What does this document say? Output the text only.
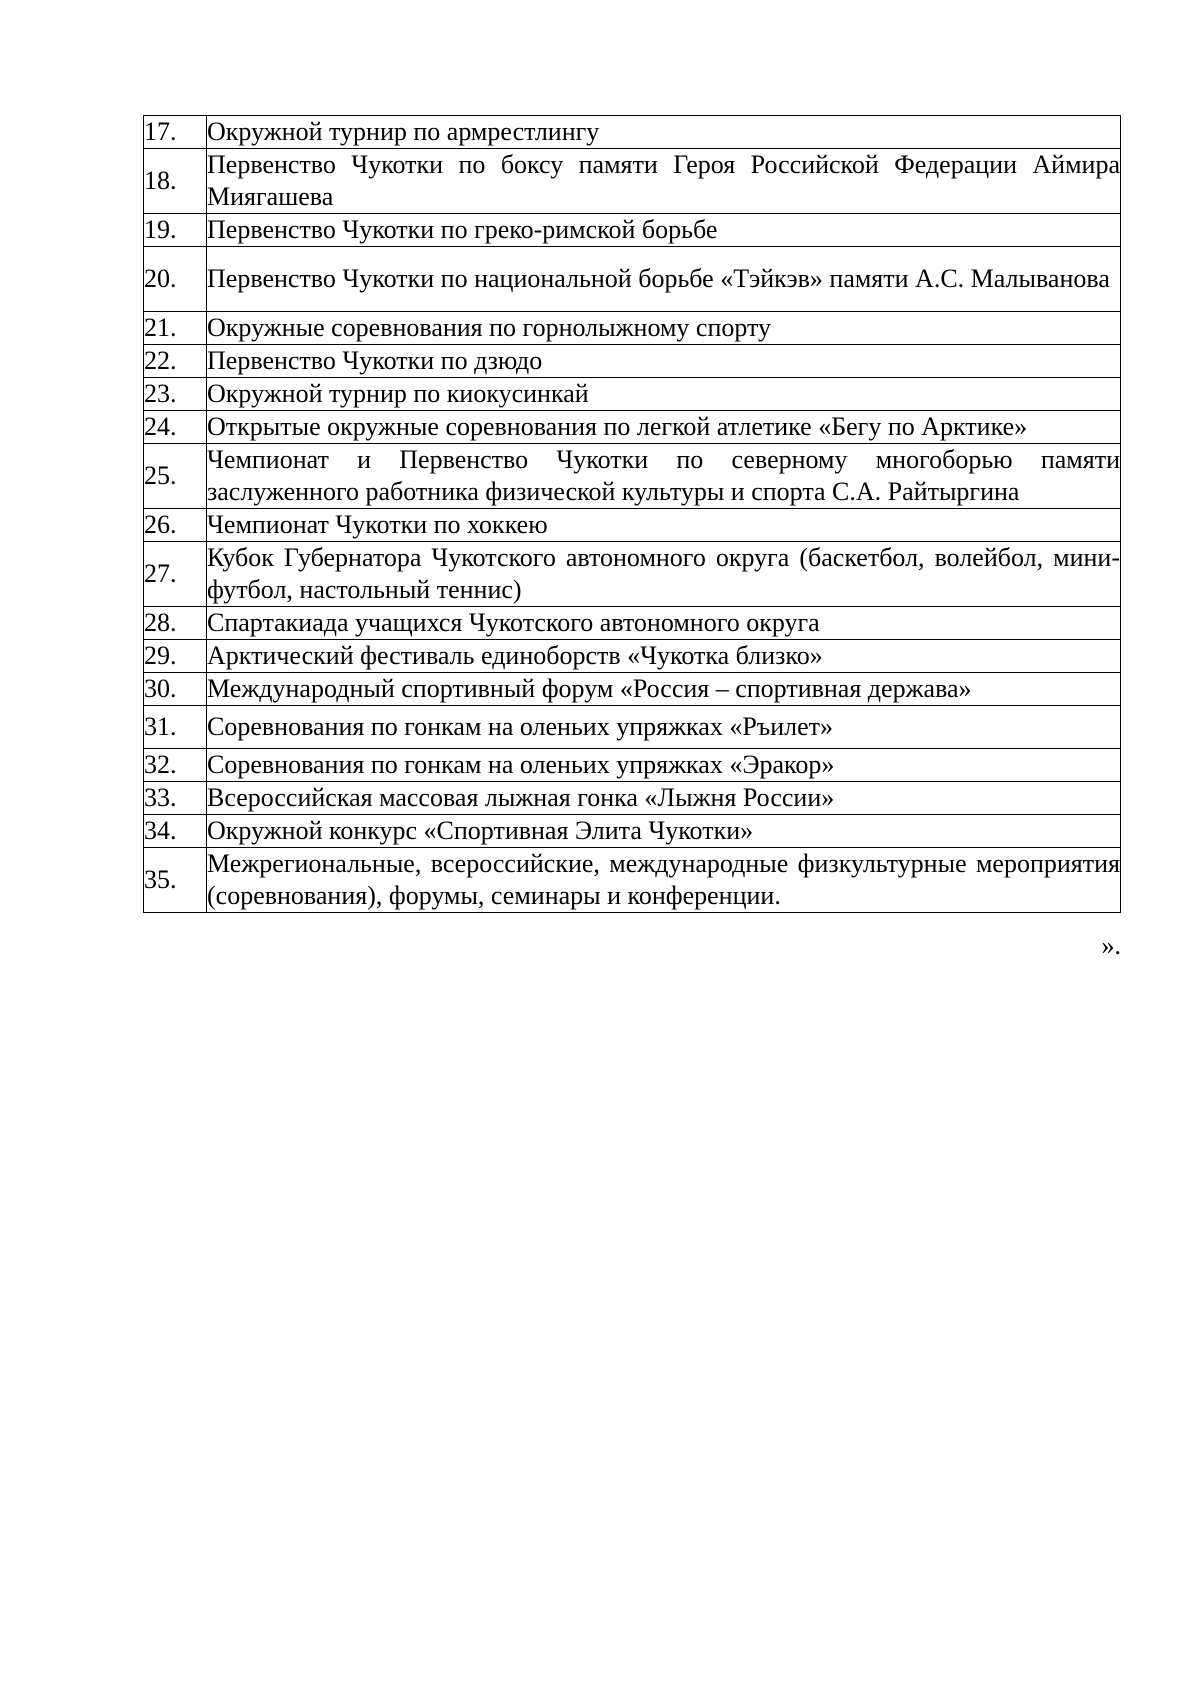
17.	Окружной турнир по армрестлингу
18.	Первенство Чукотки по боксу памяти Героя Российской Федерации Аймира Миягашева
19.	Первенство Чукотки по греко-римской борьбе
20.	Первенство Чукотки по национальной борьбе «Тэйкэв» памяти А.С. Малыванова
21.	Окружные соревнования по горнолыжному спорту
22.	Первенство Чукотки по дзюдо
23.	Окружной турнир по киокусинкай
24.	Открытые окружные соревнования по легкой атлетике «Бегу по Арктике»
25.	Чемпионат и Первенство Чукотки по северному многоборью памяти заслуженного работника физической культуры и спорта С.А. Райтыргина
26.	Чемпионат Чукотки по хоккею
27.	Кубок Губернатора Чукотского автономного округа (баскетбол, волейбол, мини-футбол, настольный теннис)
28.	Спартакиада учащихся Чукотского автономного округа
29.	Арктический фестиваль единоборств «Чукотка близко»
30.	Международный спортивный форум «Россия – спортивная держава»
31.	Соревнования по гонкам на оленьих упряжках «Ръилет»
32.	Соревнования по гонкам на оленьих упряжках «Эракор»
33.	Всероссийская массовая лыжная гонка «Лыжня России»
34.	Окружной конкурс «Спортивная Элита Чукотки»
35.	Межрегиональные, всероссийские, международные физкультурные мероприятия (соревнования), форумы, семинары и конференции.
».
